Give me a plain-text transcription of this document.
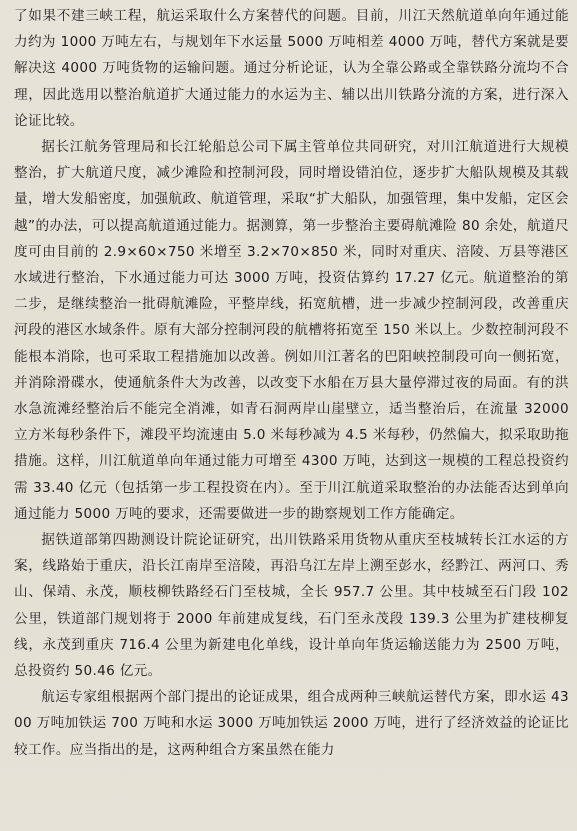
了如果不建三峡工程，航运采取什么方案替代的问题。目前，川江天然航道单向年通过能力约为 1000 万吨左右，与规划年下水运量 5000 万吨相差 4000 万吨，替代方案就是要解决这 4000 万吨货物的运输问题。通过分析论证，认为全靠公路或全靠铁路分流均不合理，因此选用以整治航道扩大通过能力的水运为主、辅以出川铁路分流的方案，进行深入论证比较。

据长江航务管理局和长江轮船总公司下属主管单位共同研究，对川江航道进行大规模整治，扩大航道尺度，减少滩险和控制河段，同时增设错泊位，逐步扩大船队规模及其载量，增大发船密度，加强航政、航道管理，采取“扩大船队，加强管理，集中发船，定区会越”的办法，可以提高航道通过能力。据测算，第一步整治主要碍航滩险 80 余处，航道尺度可由目前的 2.9×60×750 米增至 3.2×70×850 米，同时对重庆、涪陵、万县等港区水域进行整治，下水通过能力可达 3000 万吨，投资估算约 17.27 亿元。航道整治的第二步，是继续整治一批碍航滩险，平整岸线，拓宽航槽，进一步减少控制河段，改善重庆河段的港区水域条件。原有大部分控制河段的航槽将拓宽至 150 米以上。少数控制河段不能根本消除，也可采取工程措施加以改善。例如川江著名的巴阳峡控制段可向一侧拓宽，并消除滑碟水，使通航条件大为改善，以改变下水船在万县大量停滞过夜的局面。有的洪水急流滩经整治后不能完全消滩，如青石洞两岸山崖壁立，适当整治后，在流量 32000 立方米每秒条件下，滩段平均流速由 5.0 米每秒减为 4.5 米每秒，仍然偏大，拟采取助拖措施。这样，川江航道单向年通过能力可增至 4300 万吨，达到这一规模的工程总投资约需 33.40 亿元（包括第一步工程投资在内）。至于川江航道采取整治的办法能否达到单向通过能力 5000 万吨的要求，还需要做进一步的勘察规划工作方能确定。

据铁道部第四勘测设计院论证研究，出川铁路采用货物从重庆至枝城转长江水运的方案，线路始于重庆，沿长江南岸至涪陵，再沿乌江左岸上溯至彭水，经黔江、两河口、秀山、保靖、永茂，顺枝柳铁路经石门至枝城，全长 957.7 公里。其中枝城至石门段 102 公里，铁道部门规划将于 2000 年前建成复线，石门至永茂段 139.3 公里为扩建枝柳复线，永茂到重庆 716.4 公里为新建电化单线，设计单向年货运输送能力为 2500 万吨，总投资约 50.46 亿元。

航运专家组根据两个部门提出的论证成果，组合成两种三峡航运替代方案，即水运 4300 万吨加铁运 700 万吨和水运 3000 万吨加铁运 2000 万吨，进行了经济效益的论证比较工作。应当指出的是，这两种组合方案虽然在能力
